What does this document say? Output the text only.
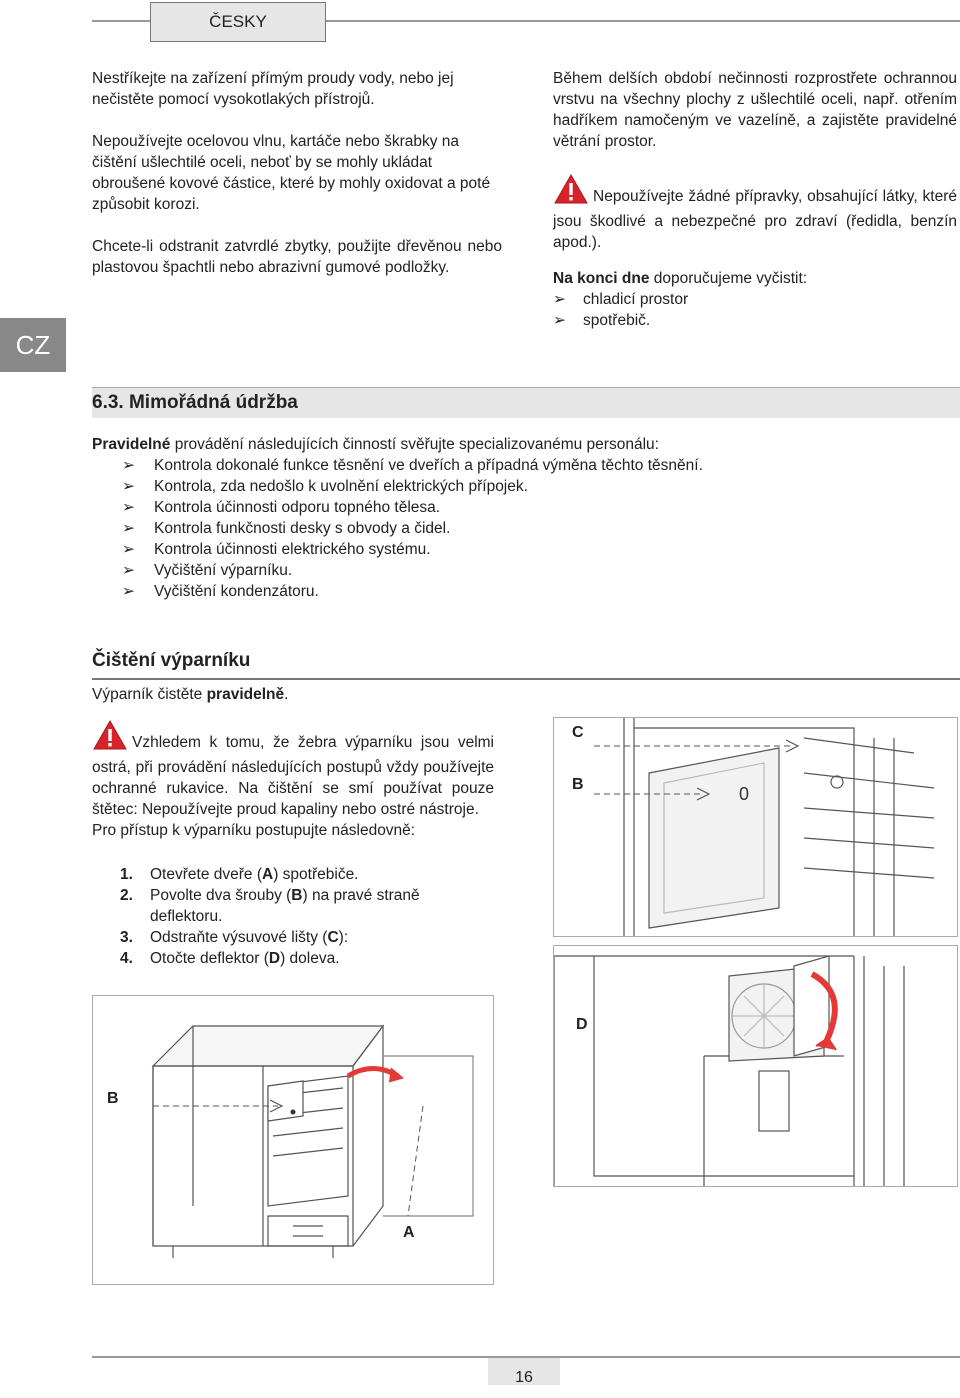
ČESKY
CZ

Nestříkejte na zařízení přímým proudy vody, nebo jej nečistěte pomocí vysokotlakých přístrojů.

Nepoužívejte ocelovou vlnu, kartáče nebo škrabky na čištění ušlechtilé oceli, neboť by se mohly ukládat obroušené kovové částice, které by mohly oxidovat a poté způsobit korozi.

Chcete-li odstranit zatvrdlé zbytky, použijte dřevěnou nebo plastovou špachtli nebo abrazivní gumové podložky.

Během delších období nečinnosti rozprostřete ochrannou vrstvu na všechny plochy z ušlechtilé oceli, např. otřením hadříkem namočeným ve vazelíně, a zajistěte pravidelné větrání prostor.

Nepoužívejte žádné přípravky, obsahující látky, které jsou škodlivé a nebezpečné pro zdraví (ředidla, benzín apod.).

Na konci dne doporučujeme vyčistit:

➢ chladicí prostor
➢ spotřebič.
6.3. Mimořádná údržba

Pravidelné provádění následujících činností svěřujte specializovanému personálu:

➢ Kontrola dokonalé funkce těsnění ve dveřích a případná výměna těchto těsnění.
➢ Kontrola, zda nedošlo k uvolnění elektrických přípojek.
➢ Kontrola účinnosti odporu topného tělesa.
➢ Kontrola funkčnosti desky s obvody a čidel.
➢ Kontrola účinnosti elektrického systému.
➢ Vyčištění výparníku.
➢ Vyčištění kondenzátoru.
Čištění výparníku

Výparník čistěte pravidelně.

Vzhledem k tomu, že žebra výparníku jsou velmi ostrá, při provádění následujících postupů vždy používejte ochranné rukavice. Na čištění se smí používat pouze štětec: Nepoužívejte proud kapaliny nebo ostré nástroje.

Pro přístup k výparníku postupujte následovně:

1. Otevřete dveře (A) spotřebiče.
2. Povolte dva šrouby (B) na pravé straně deflektoru.
3. Odstraňte výsuvové lišty (C):
4. Otočte deflektor (D) doleva.
0
C
B
D
B
A
16
